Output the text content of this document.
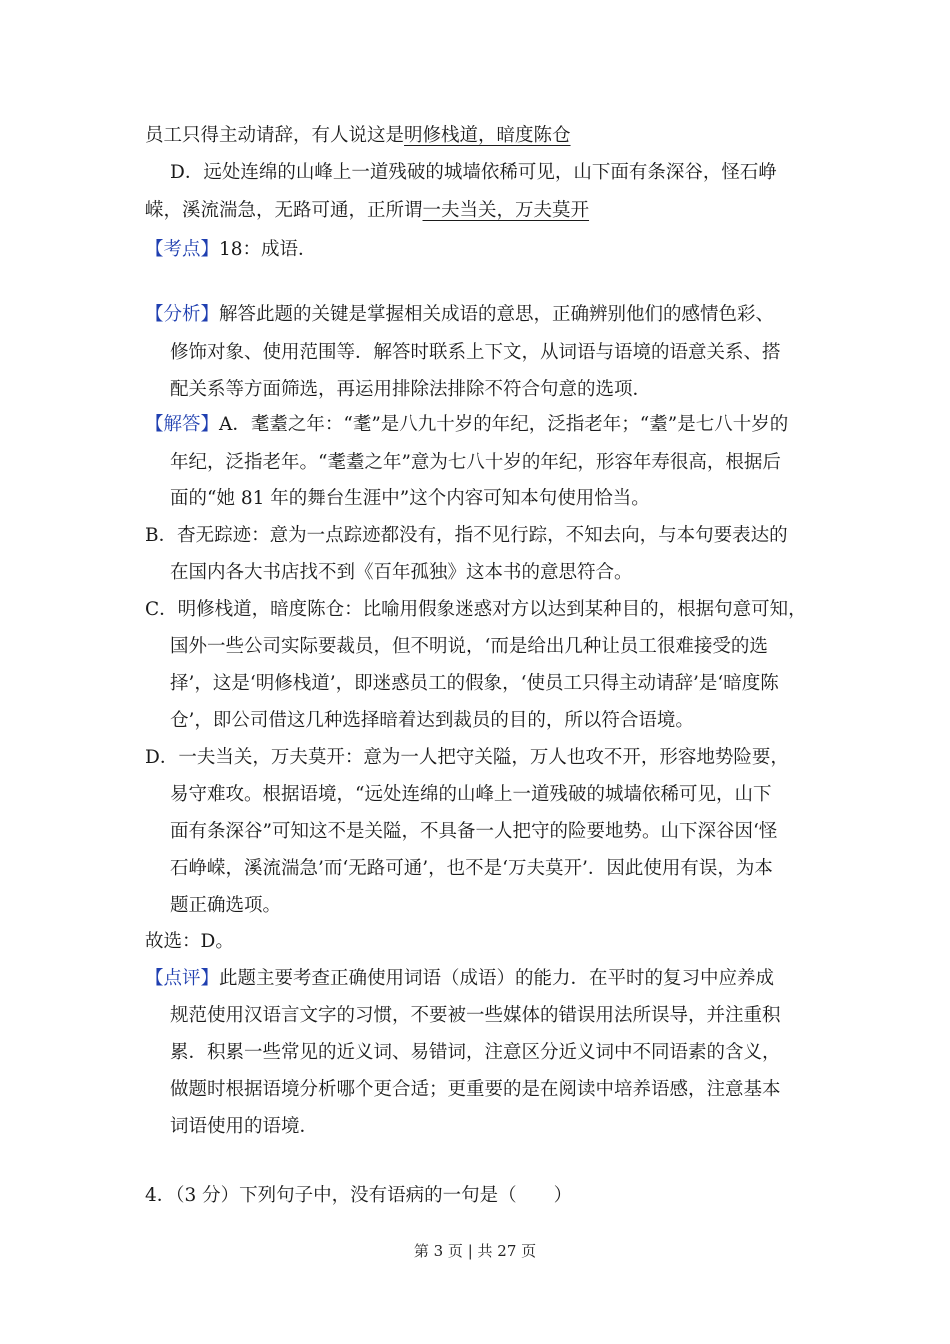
员工只得主动请辞，有人说这是明修栈道，暗度陈仓
D．远处连绵的山峰上一道残破的城墙依稀可见，山下面有条深谷，怪石峥
嵘，溪流湍急，无路可通，正所谓一夫当关，万夫莫开
【考点】18：成语．
【分析】解答此题的关键是掌握相关成语的意思，正确辨别他们的感情色彩、
修饰对象、使用范围等．解答时联系上下文，从词语与语境的语意关系、搭
配关系等方面筛选，再运用排除法排除不符合句意的选项．
【解答】A．耄耋之年：“耄”是八九十岁的年纪，泛指老年；“耋”是七八十岁的
年纪，泛指老年。“耄耋之年”意为七八十岁的年纪，形容年寿很高，根据后
面的“她 81 年的舞台生涯中”这个内容可知本句使用恰当。
B．杳无踪迹：意为一点踪迹都没有，指不见行踪，不知去向，与本句要表达的
在国内各大书店找不到《百年孤独》这本书的意思符合。
C．明修栈道，暗度陈仓：比喻用假象迷惑对方以达到某种目的，根据句意可知，
国外一些公司实际要裁员，但不明说，‘而是给出几种让员工很难接受的选
择’，这是‘明修栈道’，即迷惑员工的假象，‘使员工只得主动请辞’是‘暗度陈
仓’，即公司借这几种选择暗着达到裁员的目的，所以符合语境。
D．一夫当关，万夫莫开：意为一人把守关隘，万人也攻不开，形容地势险要，
易守难攻。根据语境，“远处连绵的山峰上一道残破的城墙依稀可见，山下
面有条深谷”可知这不是关隘，不具备一人把守的险要地势。山下深谷因‘怪
石峥嵘，溪流湍急’而‘无路可通’，也不是‘万夫莫开’．因此使用有误，为本
题正确选项。
故选：D。
【点评】此题主要考查正确使用词语（成语）的能力．在平时的复习中应养成
规范使用汉语言文字的习惯，不要被一些媒体的错误用法所误导，并注重积
累．积累一些常见的近义词、易错词，注意区分近义词中不同语素的含义，
做题时根据语境分析哪个更合适；更重要的是在阅读中培养语感，注意基本
词语使用的语境．
4．（3 分）下列句子中，没有语病的一句是（　　）
第 3 页 | 共 27 页
